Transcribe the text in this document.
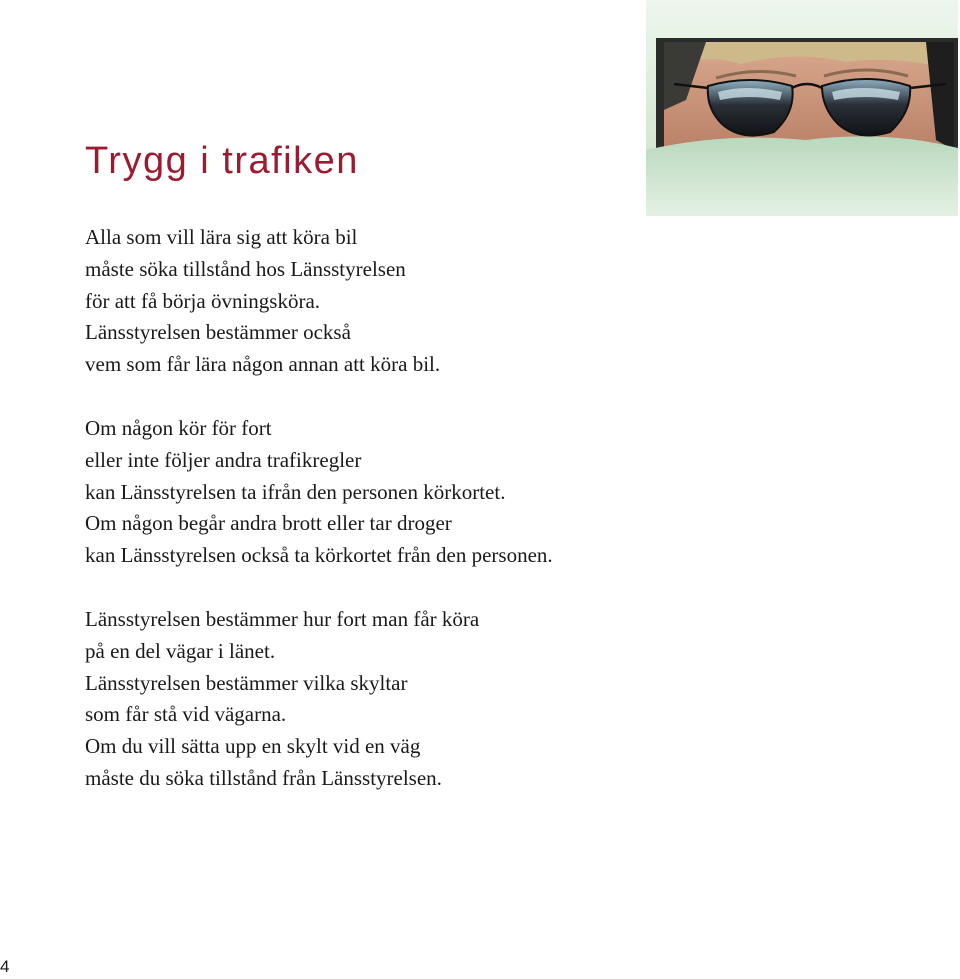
Trygg i trafiken

Alla som vill lära sig att köra bil
måste söka tillstånd hos Länsstyrelsen
för att få börja övningsköra.
Länsstyrelsen bestämmer också
vem som får lära någon annan att köra bil.

Om någon kör för fort
eller inte följer andra trafikregler
kan Länsstyrelsen ta ifrån den personen körkortet.
Om någon begår andra brott eller tar droger
kan Länsstyrelsen också ta körkortet från den personen.

Länsstyrelsen bestämmer hur fort man får köra
på en del vägar i länet.
Länsstyrelsen bestämmer vilka skyltar
som får stå vid vägarna.
Om du vill sätta upp en skylt vid en väg
måste du söka tillstånd från Länsstyrelsen.

4
